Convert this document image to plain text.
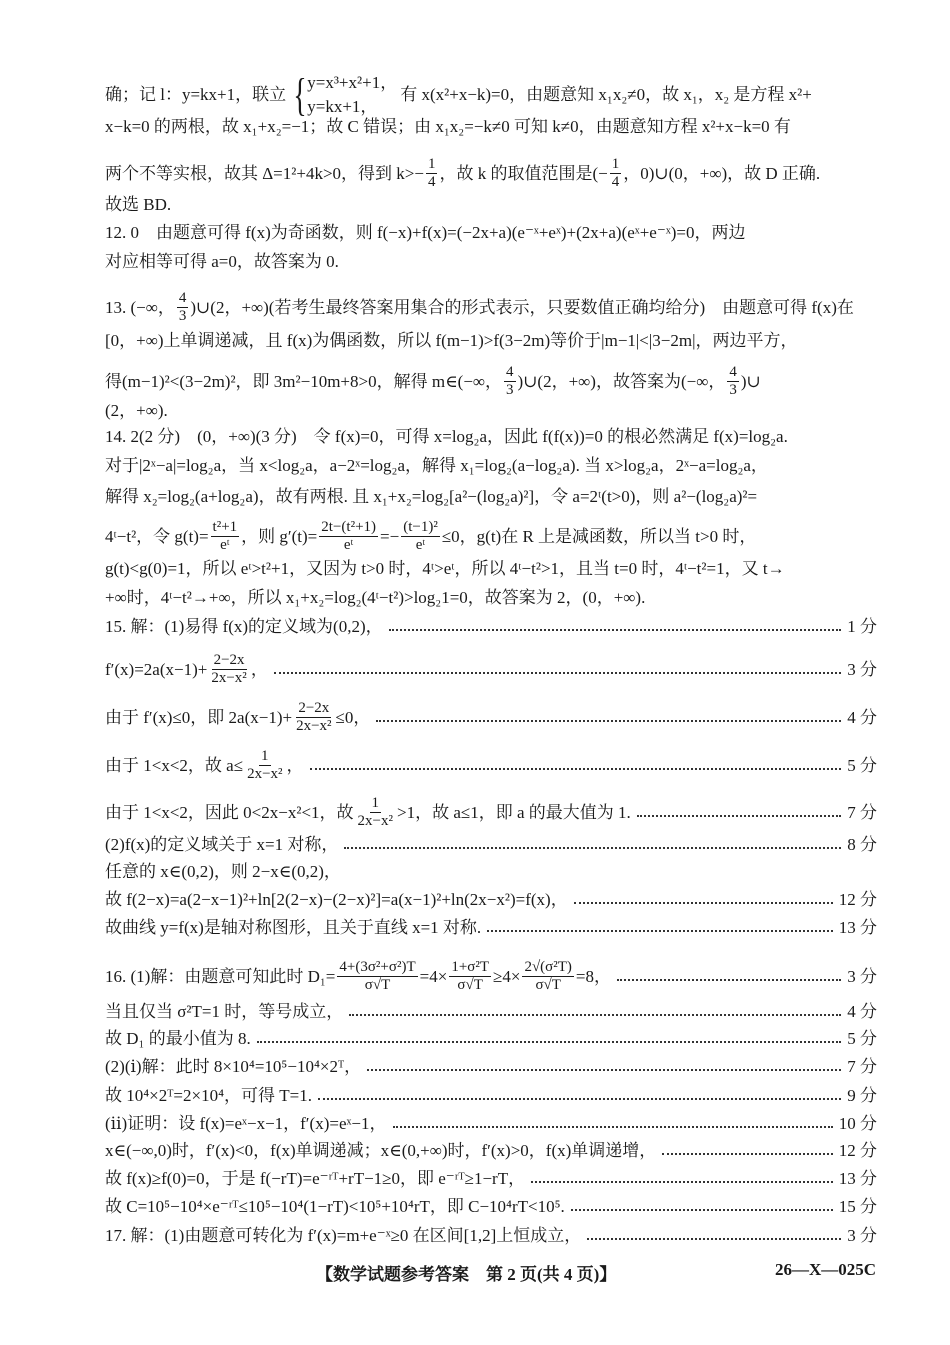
确；记 l：y=kx+1，联立 { y=x³+x²+1，
y=kx+1，
有 x(x²+x−k)=0，由题意知 x₁x₂≠0，故 x₁，x₂ 是方程 x²+
x−k=0 的两根，故 x₁+x₂=−1；故 C 错误；由 x₁x₂=−k≠0 可知 k≠0，由题意知方程 x²+x−k=0 有
两个不等实根，故其 Δ=1²+4k>0，得到 $k>- \frac{1}{4}$ ，故 k 的取值范围是(− $\frac{1}{4}$ ，0)∪(0，+∞)，故 D 正确.
故选 BD.
12. 0　由题意可得 f(x)为奇函数，则 f(−x)+f(x)=(−2x+a)(e⁻ˣ+eˣ)+(2x+a)(eˣ+e⁻ˣ)=0，两边
对应相等可得 a=0，故答案为 0.
13. (−∞， $\frac{4}{3}$ )∪(2，+∞)(若考生最终答案用集合的形式表示，只要数值正确均给分)　由题意可得 f(x)在
[0，+∞)上单调递减，且 f(x)为偶函数，所以 f(m−1)>f(3−2m)等价于|m−1|<|3−2m|，两边平方，
得(m−1)²<(3−2m)²，即 3m²−10m+8>0，解得 m∈(−∞， $\frac{4}{3}$ )∪(2，+∞)，故答案为(−∞， $\frac{4}{3}$ )∪
(2，+∞).
14. 2(2 分)　(0，+∞)(3 分)　令 f(x)=0，可得 x=log₂a，因此 f(f(x))=0 的根必然满足 f(x)=log₂a.
对于|2ˣ−a|=log₂a，当 x<log₂a，a−2ˣ=log₂a，解得 x₁=log₂(a−log₂a). 当 x>log₂a，2ˣ−a=log₂a，
解得 x₂=log₂(a+log₂a)，故有两根. 且 x₁+x₂=log₂[a²−(log₂a)²]，令 a=2ᵗ(t>0)，则 a²−(log₂a)²=
4ᵗ−t²，令 $g(t)= \frac{\text{t²+1}}{\text{eᵗ}}$ ，则 $g'(t)= \frac{\text{2t−(t²+1)}}{\text{eᵗ}} =- \frac{\text{(t−1)²}}{\text{eᵗ}} \le 0$，g(t)在 R 上是减函数，所以当 t>0 时，
g(t)<g(0)=1，所以 eᵗ>t²+1，又因为 t>0 时，4ᵗ>eᵗ，所以 4ᵗ−t²>1，且当 t=0 时，4ᵗ−t²=1，又 t→
+∞时，4ᵗ−t²→+∞，所以 x₁+x₂=log₂(4ᵗ−t²)>log₂1=0，故答案为 2，(0，+∞).
15. 解：(1)易得 f(x)的定义域为(0,2)，	1 分
$f'(x)=2a(x-1)+ \frac{2-2x}{\text{2x−x²}}$ ，	3 分
由于 f′(x)≤0，即 $2a(x-1)+ \frac{2-2x}{\text{2x−x²}} \le 0$，	4 分
由于 1<x<2，故 $a\le \frac{1}{\text{2x−x²}}$ ，	5 分
由于 1<x<2，因此 0<2x−x²<1，故 $\frac{1}{\text{2x−x²}} >1$，故 a≤1，即 a 的最大值为 1.	7 分
(2)f(x)的定义域关于 x=1 对称，	8 分
任意的 x∈(0,2)，则 2−x∈(0,2)，
故 f(2−x)=a(2−x−1)²+ln[2(2−x)−(2−x)²]=a(x−1)²+ln(2x−x²)=f(x)，	12 分
故曲线 y=f(x)是轴对称图形，且关于直线 x=1 对称.	13 分
16. (1)解：由题意可知此时 $D_1= \frac{\text{4+(3σ²+σ²)T}}{\sigma√T} =4\times \frac{\text{1+σ²T}}{\sigma√T} \ge 4\times \frac{\text{2√(σ²T)}}{\sigma√T} =8$，	3 分
当且仅当 σ²T=1 时，等号成立，	4 分
故 D₁ 的最小值为 8.	5 分
(2)(ⅰ)解：此时 8×10⁴=10⁵−10⁴×2ᵀ，	7 分
故 10⁴×2ᵀ=2×10⁴，可得 T=1.	9 分
(ⅱ)证明：设 f(x)=eˣ−x−1，f′(x)=eˣ−1，	10 分
x∈(−∞,0)时，f′(x)<0，f(x)单调递减；x∈(0,+∞)时，f′(x)>0，f(x)单调递增，	12 分
故 f(x)≥f(0)=0，于是 f(−rT)=e⁻ʳᵀ+rT−1≥0，即 e⁻ʳᵀ≥1−rT，	13 分
故 C=10⁵−10⁴×e⁻ʳᵀ≤10⁵−10⁴(1−rT)<10⁵+10⁴rT，即 C−10⁴rT<10⁵.	15 分
17. 解：(1)由题意可转化为 f′(x)=m+e⁻ˣ≥0 在区间[1,2]上恒成立，	3 分
【数学试题参考答案　第 2 页(共 4 页)】	26—X—025C
